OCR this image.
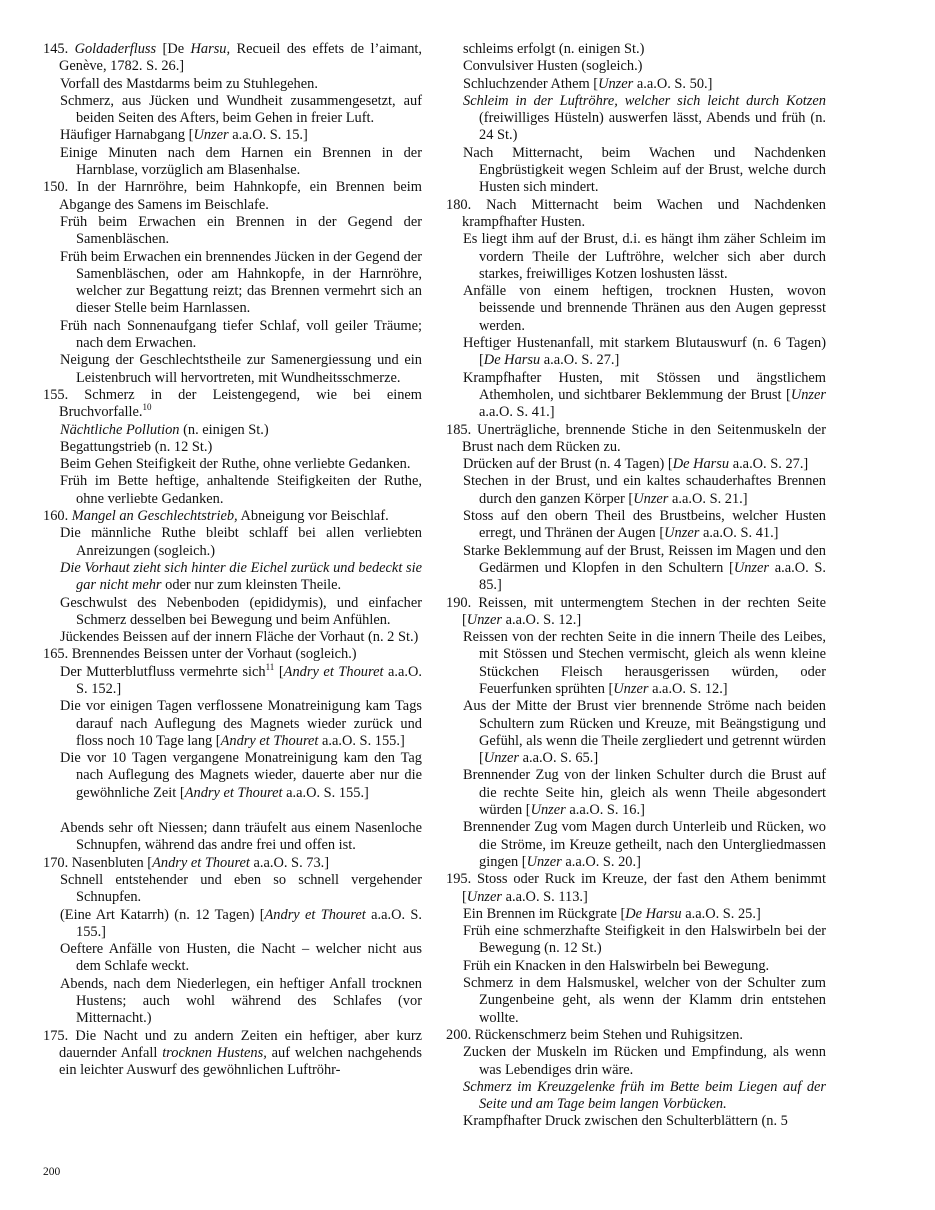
145. Goldaderfluss [De Harsu, Recueil des effets de l’aimant, Genève, 1782. S. 26.]
Vorfall des Mastdarms beim zu Stuhlegehen.
Schmerz, aus Jücken und Wundheit zusammengesetzt, auf beiden Seiten des Afters, beim Gehen in freier Luft.
Häufiger Harnabgang [Unzer a.a.O. S. 15.]
Einige Minuten nach dem Harnen ein Brennen in der Harnblase, vorzüglich am Blasenhalse.
150. In der Harnröhre, beim Hahnkopfe, ein Brennen beim Abgange des Samens im Beischlafe.
Früh beim Erwachen ein Brennen in der Gegend der Samenbläschen.
Früh beim Erwachen ein brennendes Jücken in der Gegend der Samenbläschen, oder am Hahnkopfe, in der Harnröhre, welcher zur Begattung reizt; das Brennen vermehrt sich an dieser Stelle beim Harnlassen.
Früh nach Sonnenaufgang tiefer Schlaf, voll geiler Träume; nach dem Erwachen.
Neigung der Geschlechtstheile zur Samenergiessung und ein Leistenbruch will hervortreten, mit Wundheitsschmerze.
155. Schmerz in der Leistengegend, wie bei einem Bruchvorfalle.$^{10}$
Nächtliche Pollution (n. einigen St.)
Begattungstrieb (n. 12 St.)
Beim Gehen Steifigkeit der Ruthe, ohne verliebte Gedanken.
Früh im Bette heftige, anhaltende Steifigkeiten der Ruthe, ohne verliebte Gedanken.
160. Mangel an Geschlechtstrieb, Abneigung vor Beischlaf.
Die männliche Ruthe bleibt schlaff bei allen verliebten Anreizungen (sogleich.)
Die Vorhaut zieht sich hinter die Eichel zurück und bedeckt sie gar nicht mehr oder nur zum kleinsten Theile.
Geschwulst des Nebenboden (epididymis), und einfacher Schmerz desselben bei Bewegung und beim Anfühlen.
Jückendes Beissen auf der innern Fläche der Vorhaut (n. 2 St.)
165. Brennendes Beissen unter der Vorhaut (sogleich.)
Der Mutterblutfluss vermehrte sich$^{11}$ [Andry et Thouret a.a.O. S. 152.]
Die vor einigen Tagen verflossene Monatreinigung kam Tags darauf nach Auflegung des Magnets wieder zurück und floss noch 10 Tage lang [Andry et Thouret a.a.O. S. 155.]
Die vor 10 Tagen vergangene Monatreinigung kam den Tag nach Auflegung des Magnets wieder, dauerte aber nur die gewöhnliche Zeit [Andry et Thouret a.a.O. S. 155.]
Abends sehr oft Niessen; dann träufelt aus einem Nasenloche Schnupfen, während das andre frei und offen ist.
170. Nasenbluten [Andry et Thouret a.a.O. S. 73.]
Schnell entstehender und eben so schnell vergehender Schnupfen.
(Eine Art Katarrh) (n. 12 Tagen) [Andry et Thouret a.a.O. S. 155.]
Oeftere Anfälle von Husten, die Nacht – welcher nicht aus dem Schlafe weckt.
Abends, nach dem Niederlegen, ein heftiger Anfall trocknen Hustens; auch wohl während des Schlafes (vor Mitternacht.)
175. Die Nacht und zu andern Zeiten ein heftiger, aber kurz dauernder Anfall trocknen Hustens, auf welchen nachgehends ein leichter Auswurf des gewöhnlichen Luftröhr-
schleims erfolgt (n. einigen St.)
Convulsiver Husten (sogleich.)
Schluchzender Athem [Unzer a.a.O. S. 50.]
Schleim in der Luftröhre, welcher sich leicht durch Kotzen (freiwilliges Hüsteln) auswerfen lässt, Abends und früh (n. 24 St.)
Nach Mitternacht, beim Wachen und Nachdenken Engbrüstigkeit wegen Schleim auf der Brust, welche durch Husten sich mindert.
180. Nach Mitternacht beim Wachen und Nachdenken krampfhafter Husten.
Es liegt ihm auf der Brust, d.i. es hängt ihm zäher Schleim im vordern Theile der Luftröhre, welcher sich aber durch starkes, freiwilliges Kotzen loshusten lässt.
Anfälle von einem heftigen, trocknen Husten, wovon beissende und brennende Thränen aus den Augen gepresst werden.
Heftiger Hustenanfall, mit starkem Blutauswurf (n. 6 Tagen) [De Harsu a.a.O. S. 27.]
Krampfhafter Husten, mit Stössen und ängstlichem Athemholen, und sichtbarer Beklemmung der Brust [Unzer a.a.O. S. 41.]
185. Unerträgliche, brennende Stiche in den Seitenmuskeln der Brust nach dem Rücken zu.
Drücken auf der Brust (n. 4 Tagen) [De Harsu a.a.O. S. 27.]
Stechen in der Brust, und ein kaltes schauderhaftes Brennen durch den ganzen Körper [Unzer a.a.O. S. 21.]
Stoss auf den obern Theil des Brustbeins, welcher Husten erregt, und Thränen der Augen [Unzer a.a.O. S. 41.]
Starke Beklemmung auf der Brust, Reissen im Magen und den Gedärmen und Klopfen in den Schultern [Unzer a.a.O. S. 85.]
190. Reissen, mit untermengtem Stechen in der rechten Seite [Unzer a.a.O. S. 12.]
Reissen von der rechten Seite in die innern Theile des Leibes, mit Stössen und Stechen vermischt, gleich als wenn kleine Stückchen Fleisch herausgerissen würden, oder Feuerfunken sprühten [Unzer a.a.O. S. 12.]
Aus der Mitte der Brust vier brennende Ströme nach beiden Schultern zum Rücken und Kreuze, mit Beängstigung und Gefühl, als wenn die Theile zergliedert und getrennt würden [Unzer a.a.O. S. 65.]
Brennender Zug von der linken Schulter durch die Brust auf die rechte Seite hin, gleich als wenn Theile abgesondert würden [Unzer a.a.O. S. 16.]
Brennender Zug vom Magen durch Unterleib und Rücken, wo die Ströme, im Kreuze getheilt, nach den Untergliedmassen gingen [Unzer a.a.O. S. 20.]
195. Stoss oder Ruck im Kreuze, der fast den Athem benimmt [Unzer a.a.O. S. 113.]
Ein Brennen im Rückgrate [De Harsu a.a.O. S. 25.]
Früh eine schmerzhafte Steifigkeit in den Halswirbeln bei der Bewegung (n. 12 St.)
Früh ein Knacken in den Halswirbeln bei Bewegung.
Schmerz in dem Halsmuskel, welcher von der Schulter zum Zungenbeine geht, als wenn der Klamm drin entstehen wollte.
200. Rückenschmerz beim Stehen und Ruhigsitzen.
Zucken der Muskeln im Rücken und Empfindung, als wenn was Lebendiges drin wäre.
Schmerz im Kreuzgelenke früh im Bette beim Liegen auf der Seite und am Tage beim langen Vorbücken.
Krampfhafter Druck zwischen den Schulterblättern (n. 5
200
